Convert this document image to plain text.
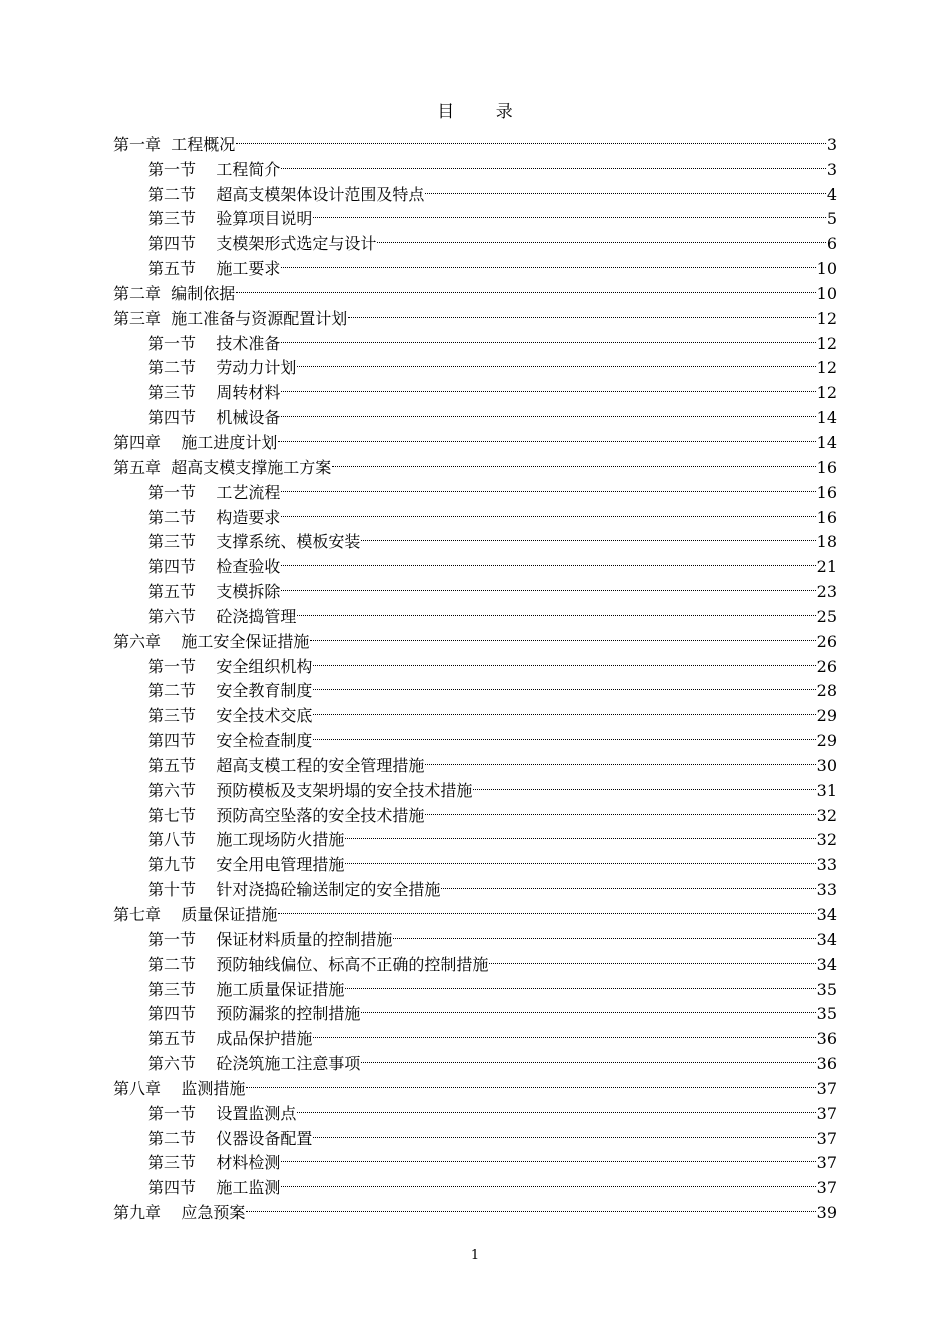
目 录
第一章  工程概况	3
第一节    工程简介	3
第二节    超高支模架体设计范围及特点	4
第三节    验算项目说明	5
第四节    支模架形式选定与设计	6
第五节    施工要求	10
第二章  编制依据	10
第三章  施工准备与资源配置计划	12
第一节    技术准备	12
第二节    劳动力计划	12
第三节    周转材料	12
第四节    机械设备	14
第四章    施工进度计划	14
第五章  超高支模支撑施工方案	16
第一节    工艺流程	16
第二节    构造要求	16
第三节    支撑系统、模板安装	18
第四节    检查验收	21
第五节    支模拆除	23
第六节    砼浇捣管理	25
第六章    施工安全保证措施	26
第一节    安全组织机构	26
第二节    安全教育制度	28
第三节    安全技术交底	29
第四节    安全检查制度	29
第五节    超高支模工程的安全管理措施	30
第六节    预防模板及支架坍塌的安全技术措施	31
第七节    预防高空坠落的安全技术措施	32
第八节    施工现场防火措施	32
第九节    安全用电管理措施	33
第十节    针对浇捣砼输送制定的安全措施	33
第七章    质量保证措施	34
第一节    保证材料质量的控制措施	34
第二节    预防轴线偏位、标高不正确的控制措施	34
第三节    施工质量保证措施	35
第四节    预防漏浆的控制措施	35
第五节    成品保护措施	36
第六节    砼浇筑施工注意事项	36
第八章    监测措施	37
第一节    设置监测点	37
第二节    仪器设备配置	37
第三节    材料检测	37
第四节    施工监测	37
第九章    应急预案	39
1
